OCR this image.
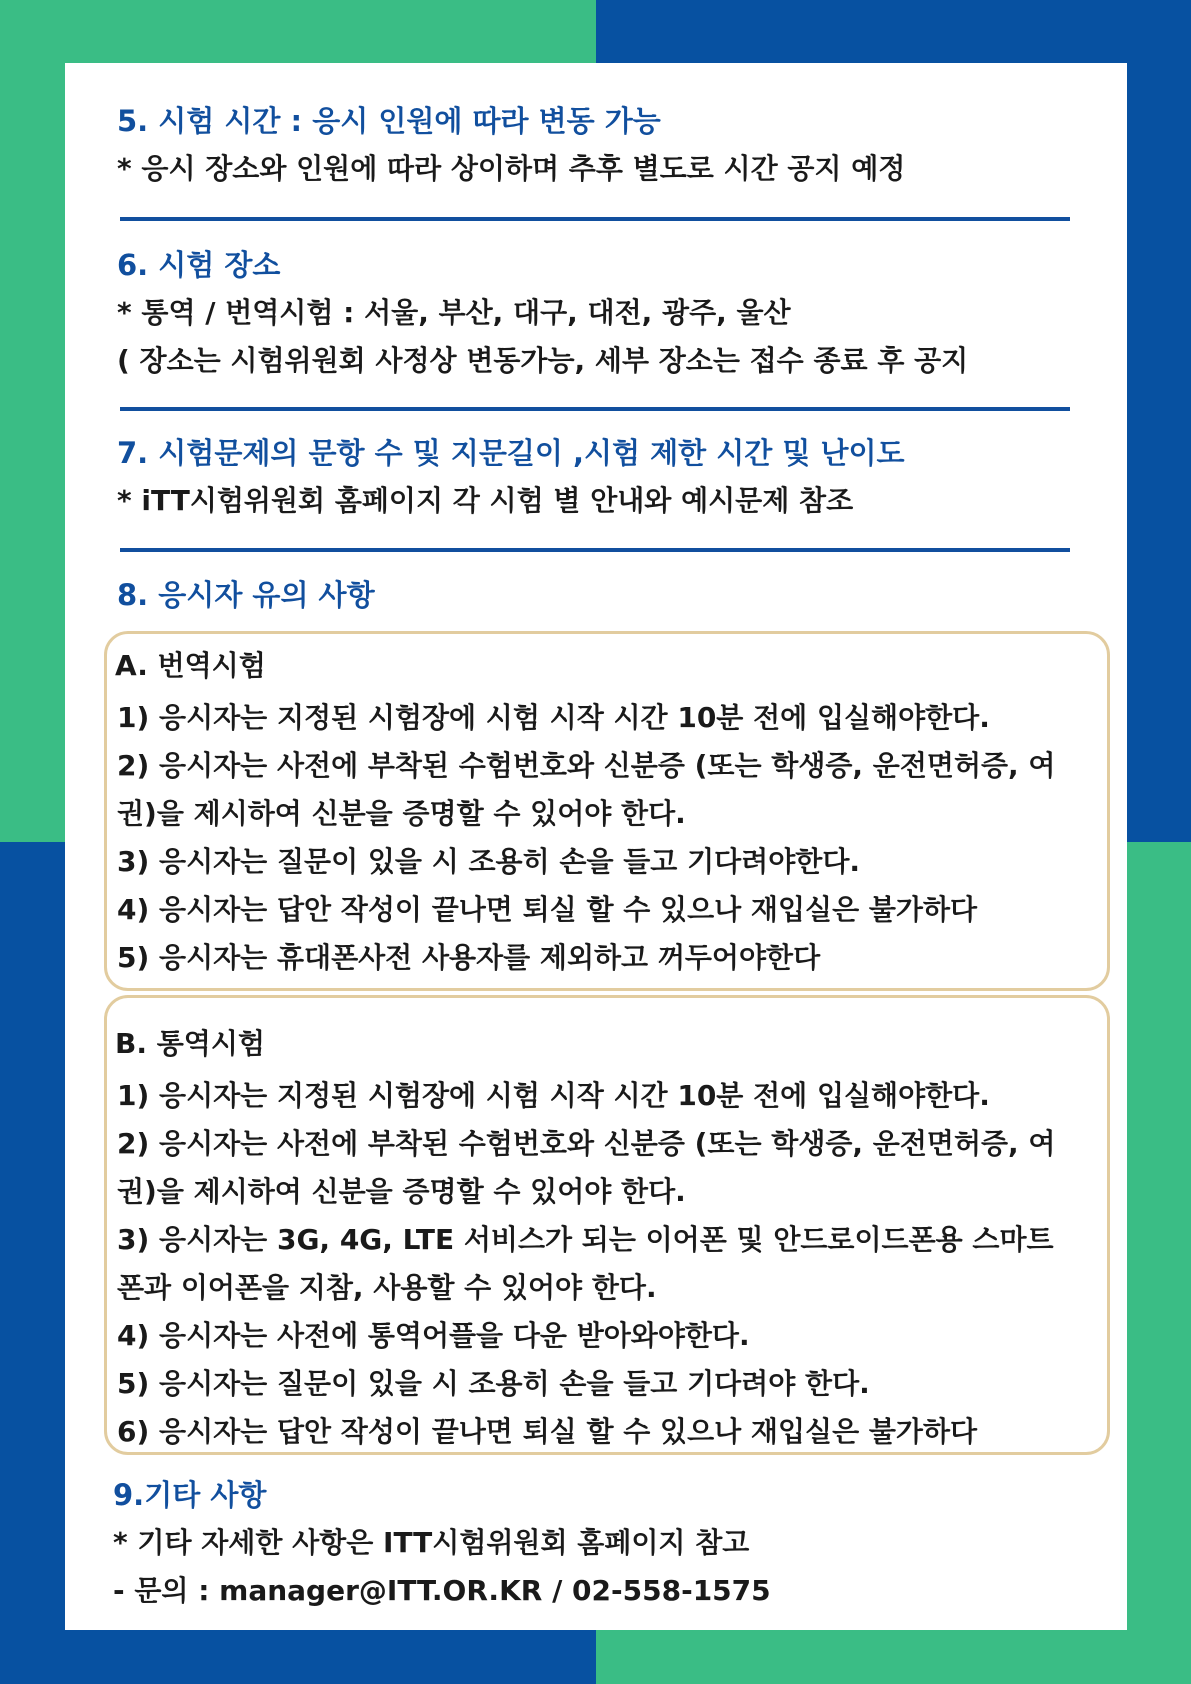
5. 시험 시간 : 응시 인원에 따라 변동 가능
* 응시 장소와 인원에 따라 상이하며 추후 별도로 시간 공지 예정
6. 시험 장소
* 통역 / 번역시험 : 서울, 부산, 대구, 대전, 광주, 울산
( 장소는 시험위원회 사정상 변동가능, 세부 장소는 접수 종료 후 공지
7. 시험문제의 문항 수 및 지문길이 ,시험 제한 시간 및 난이도
* iTT시험위원회 홈페이지 각 시험 별 안내와 예시문제 참조
8. 응시자 유의 사항
A. 번역시험
1) 응시자는 지정된 시험장에 시험 시작 시간 10분 전에 입실해야한다.
2) 응시자는 사전에 부착된 수험번호와 신분증 (또는 학생증, 운전면허증, 여
권)을 제시하여 신분을 증명할 수 있어야 한다.
3) 응시자는 질문이 있을 시 조용히 손을 들고 기다려야한다.
4) 응시자는 답안 작성이 끝나면 퇴실 할 수 있으나 재입실은 불가하다
5) 응시자는 휴대폰사전 사용자를 제외하고 꺼두어야한다
B. 통역시험
1) 응시자는 지정된 시험장에 시험 시작 시간 10분 전에 입실해야한다.
2) 응시자는 사전에 부착된 수험번호와 신분증 (또는 학생증, 운전면허증, 여
권)을 제시하여 신분을 증명할 수 있어야 한다.
3) 응시자는 3G, 4G, LTE 서비스가 되는 이어폰 및 안드로이드폰용 스마트
폰과 이어폰을 지참, 사용할 수 있어야 한다.
4) 응시자는 사전에 통역어플을 다운 받아와야한다.
5) 응시자는 질문이 있을 시 조용히 손을 들고 기다려야 한다.
6) 응시자는 답안 작성이 끝나면 퇴실 할 수 있으나 재입실은 불가하다
9.기타 사항
* 기타 자세한 사항은 ITT시험위원회 홈페이지 참고
- 문의 : manager@ITT.OR.KR / 02-558-1575
